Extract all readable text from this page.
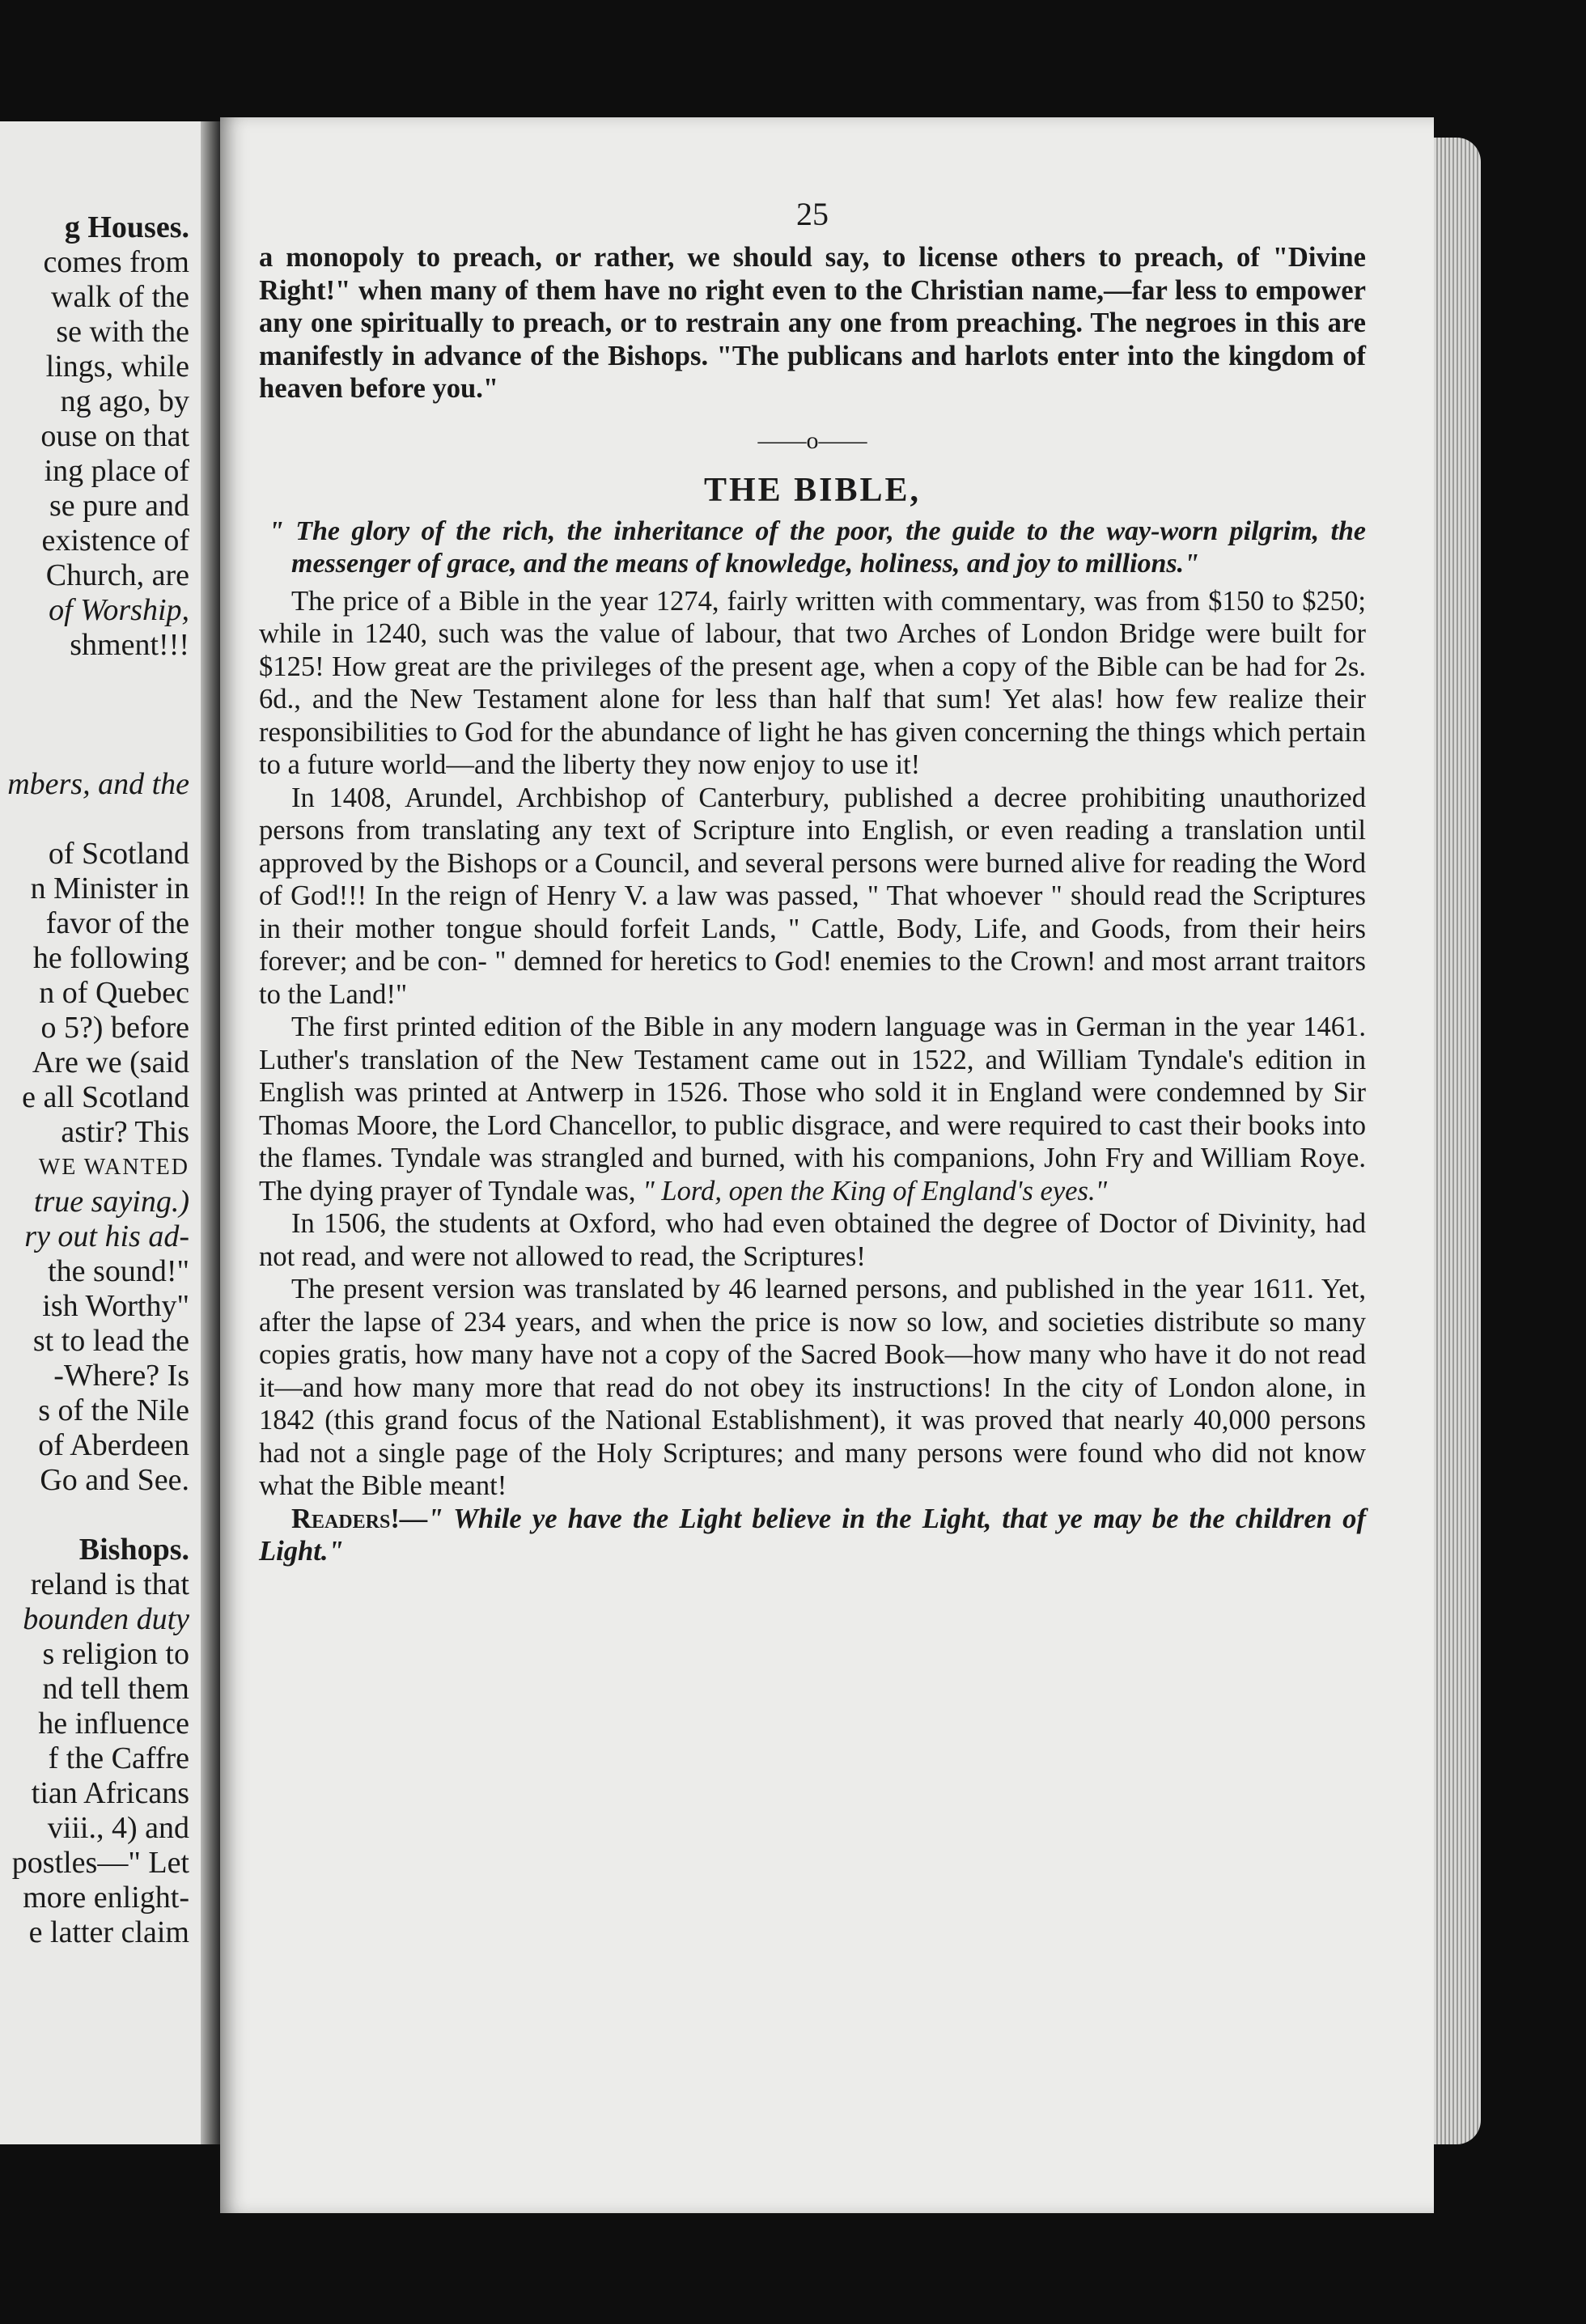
g Houses.
comes from
walk of the
se with the
lings, while
ng ago, by
ouse on that
ing place of
se pure and
existence of
Church, are
of Worship,
shment!!!
mbers, and the
of Scotland
n Minister in
favor of the
he following
n of Quebec
o 5?) before
Are we (said
e all Scotland
astir? This
WE WANTED
true saying.)
ry out his ad-
the sound!"
ish Worthy"
st to lead the
-Where? Is
s of the Nile
of Aberdeen
Go and See.
Bishops.
reland is that
bounden duty
s religion to
nd tell them
he influence
f the Caffre
tian Africans
viii., 4) and
postles—" Let
more enlight-
e latter claim
25

a monopoly to preach, or rather, we should say, to license others to preach, of "Divine Right!" when many of them have no right even to the Christian name,—far less to empower any one spiritually to preach, or to restrain any one from preaching. The negroes in this are manifestly in advance of the Bishops. "The publicans and harlots enter into the kingdom of heaven before you."

——o——
THE BIBLE,

" The glory of the rich, the inheritance of the poor, the guide to the way-worn pilgrim, the messenger of grace, and the means of knowledge, holiness, and joy to millions."

The price of a Bible in the year 1274, fairly written with commentary, was from $150 to $250; while in 1240, such was the value of labour, that two Arches of London Bridge were built for $125! How great are the privileges of the present age, when a copy of the Bible can be had for 2s. 6d., and the New Testament alone for less than half that sum! Yet alas! how few realize their responsibilities to God for the abundance of light he has given concerning the things which pertain to a future world—and the liberty they now enjoy to use it!

In 1408, Arundel, Archbishop of Canterbury, published a decree prohibiting unauthorized persons from translating any text of Scripture into English, or even reading a translation until approved by the Bishops or a Council, and several persons were burned alive for reading the Word of God!!! In the reign of Henry V. a law was passed, " That whoever " should read the Scriptures in their mother tongue should forfeit Lands, " Cattle, Body, Life, and Goods, from their heirs forever; and be con- " demned for heretics to God! enemies to the Crown! and most arrant traitors to the Land!"

The first printed edition of the Bible in any modern language was in German in the year 1461. Luther's translation of the New Testament came out in 1522, and William Tyndale's edition in English was printed at Antwerp in 1526. Those who sold it in England were condemned by Sir Thomas Moore, the Lord Chancellor, to public disgrace, and were required to cast their books into the flames. Tyndale was strangled and burned, with his companions, John Fry and William Roye. The dying prayer of Tyndale was, " Lord, open the King of England's eyes."

In 1506, the students at Oxford, who had even obtained the degree of Doctor of Divinity, had not read, and were not allowed to read, the Scriptures!

The present version was translated by 46 learned persons, and published in the year 1611. Yet, after the lapse of 234 years, and when the price is now so low, and societies distribute so many copies gratis, how many have not a copy of the Sacred Book—how many who have it do not read it—and how many more that read do not obey its instructions! In the city of London alone, in 1842 (this grand focus of the National Establishment), it was proved that nearly 40,000 persons had not a single page of the Holy Scriptures; and many persons were found who did not know what the Bible meant!

Readers!—" While ye have the Light believe in the Light, that ye may be the children of Light."
